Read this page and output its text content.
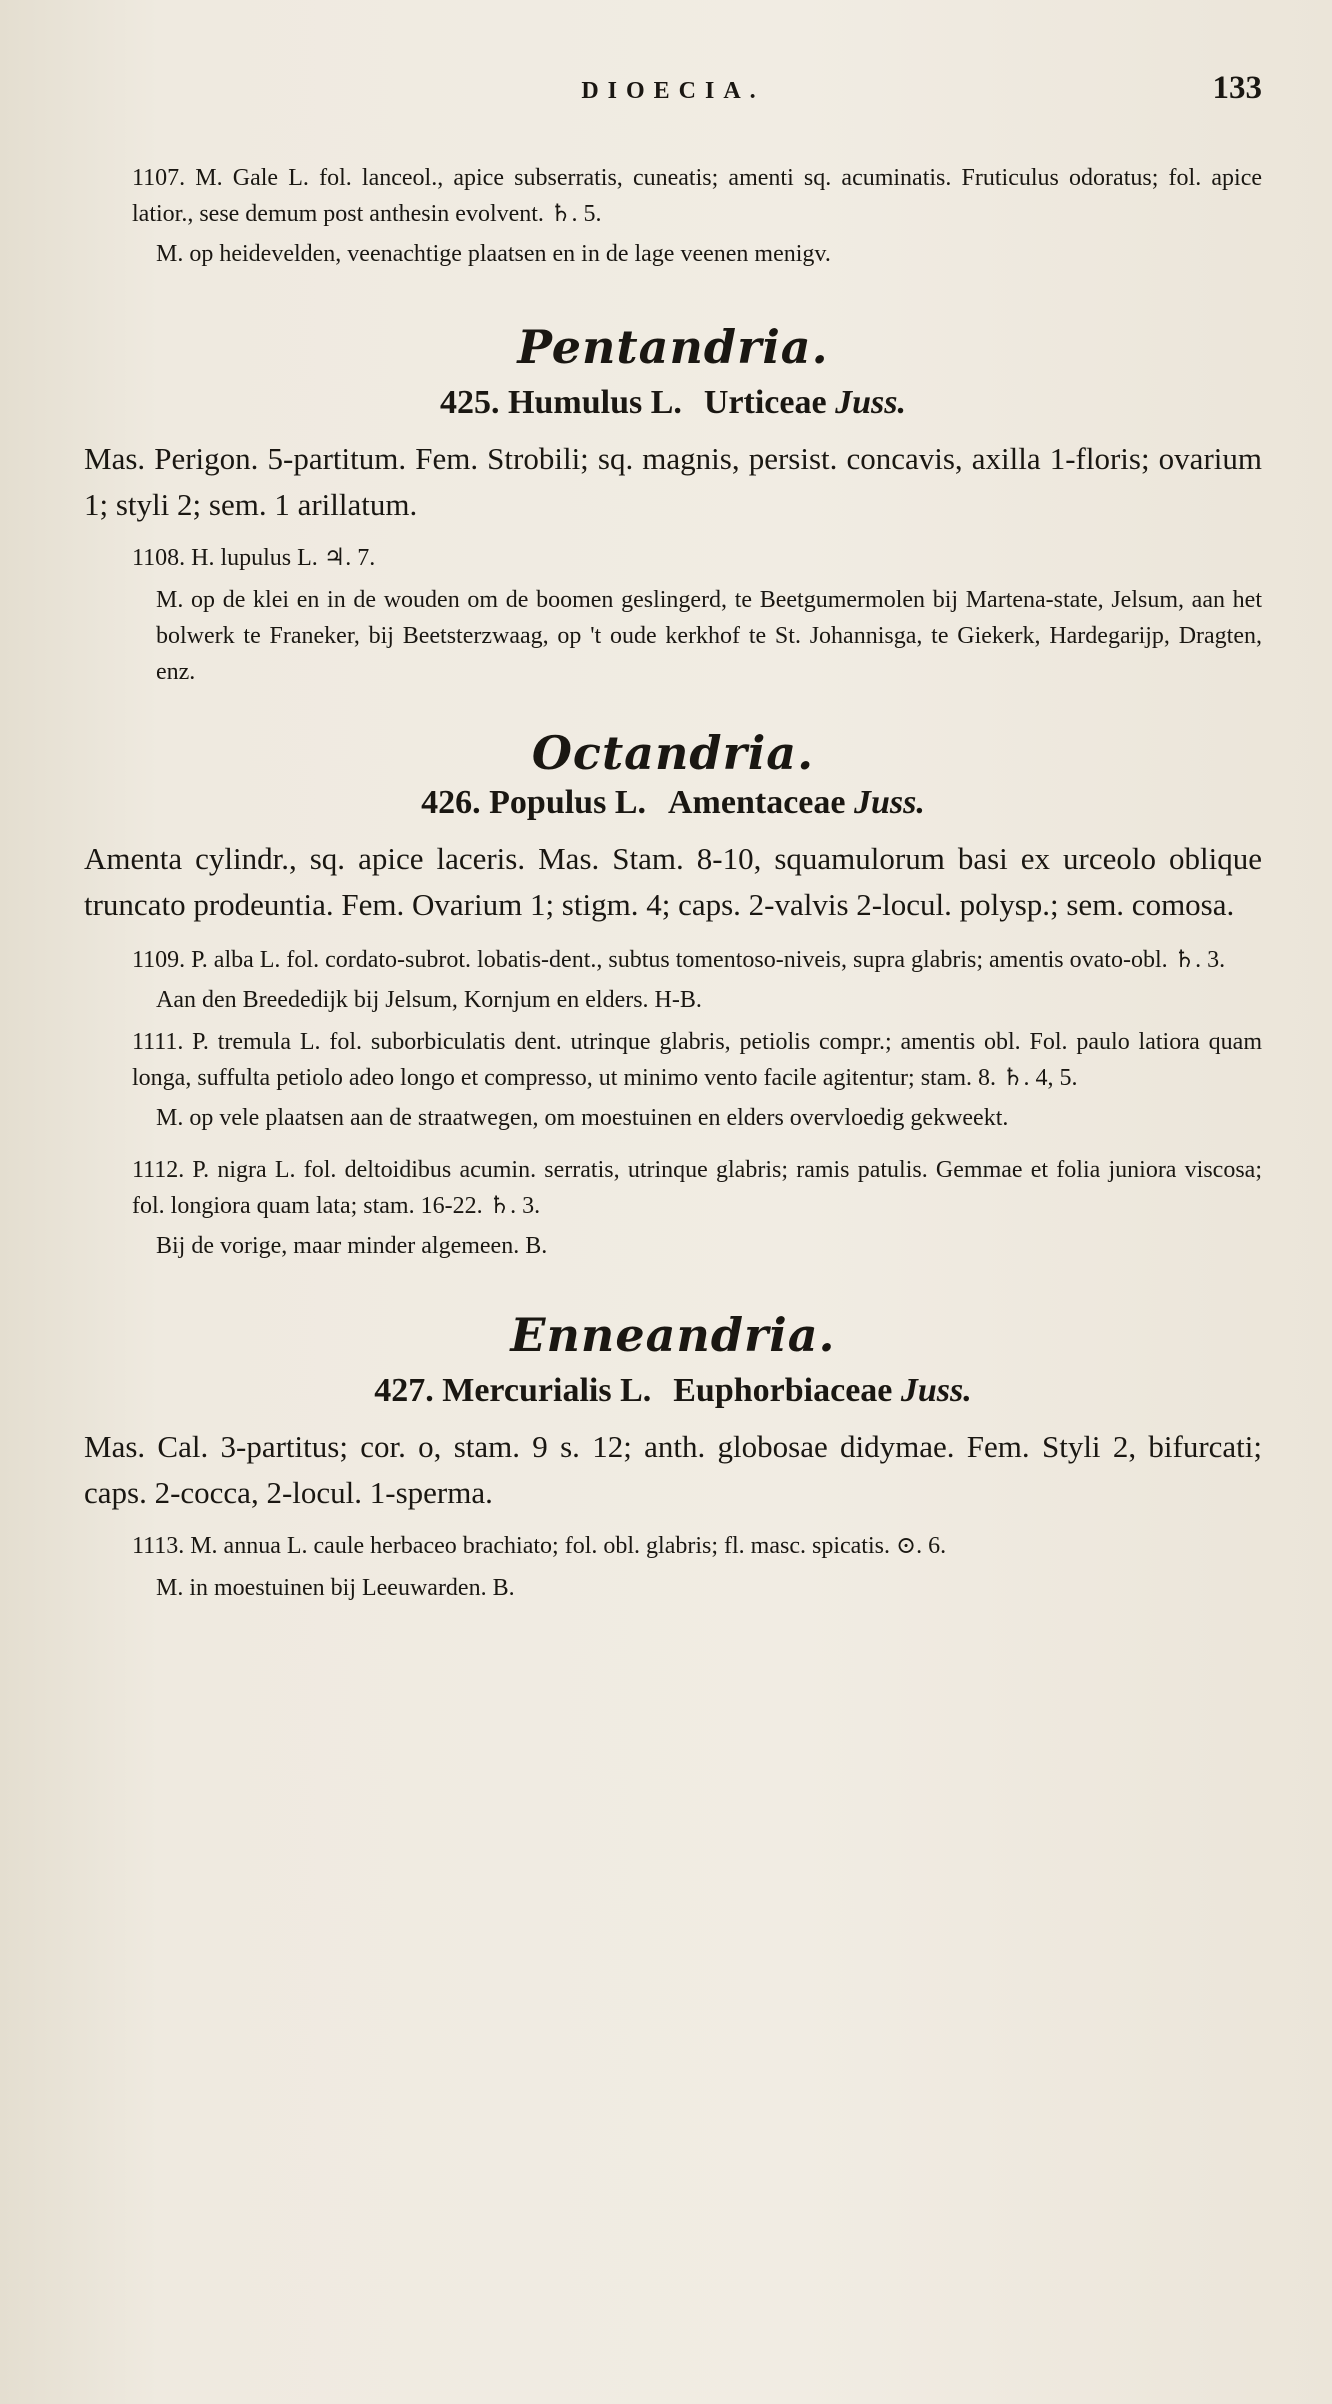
DIOECIA.	133

1107. M. Gale L. fol. lanceol., apice subserratis, cuneatis; amenti sq. acuminatis. Fruticulus odoratus; fol. apice latior., sese demum post anthesin evolvent. ♄. 5.

M. op heidevelden, veenachtige plaatsen en in de lage veenen menigv.

Pentandria.
425. Humulus L. Urticeae Juss.

Mas. Perigon. 5-partitum. Fem. Strobili; sq. magnis, persist. concavis, axilla 1-floris; ovarium 1; styli 2; sem. 1 arillatum.

1108. H. lupulus L. ♃. 7.

M. op de klei en in de wouden om de boomen geslingerd, te Beetgumermolen bij Martena-state, Jelsum, aan het bolwerk te Franeker, bij Beetsterzwaag, op 't oude kerkhof te St. Johannisga, te Giekerk, Hardegarijp, Dragten, enz.

Octandria.
426. Populus L. Amentaceae Juss.

Amenta cylindr., sq. apice laceris. Mas. Stam. 8-10, squamulorum basi ex urceolo oblique truncato prodeuntia. Fem. Ovarium 1; stigm. 4; caps. 2-valvis 2-locul. polysp.; sem. comosa.

1109. P. alba L. fol. cordato-subrot. lobatis-dent., subtus tomentoso-niveis, supra glabris; amentis ovato-obl. ♄. 3.

Aan den Breededijk bij Jelsum, Kornjum en elders. H-B.

1111. P. tremula L. fol. suborbiculatis dent. utrinque glabris, petiolis compr.; amentis obl. Fol. paulo latiora quam longa, suffulta petiolo adeo longo et compresso, ut minimo vento facile agitentur; stam. 8. ♄. 4, 5.

M. op vele plaatsen aan de straatwegen, om moestuinen en elders overvloedig gekweekt.

1112. P. nigra L. fol. deltoidibus acumin. serratis, utrinque glabris; ramis patulis. Gemmae et folia juniora viscosa; fol. longiora quam lata; stam. 16-22. ♄. 3.

Bij de vorige, maar minder algemeen. B.

Enneandria.
427. Mercurialis L. Euphorbiaceae Juss.

Mas. Cal. 3-partitus; cor. o, stam. 9 s. 12; anth. globosae didymae. Fem. Styli 2, bifurcati; caps. 2-cocca, 2-locul. 1-sperma.

1113. M. annua L. caule herbaceo brachiato; fol. obl. glabris; fl. masc. spicatis. ⊙. 6.

M. in moestuinen bij Leeuwarden. B.
